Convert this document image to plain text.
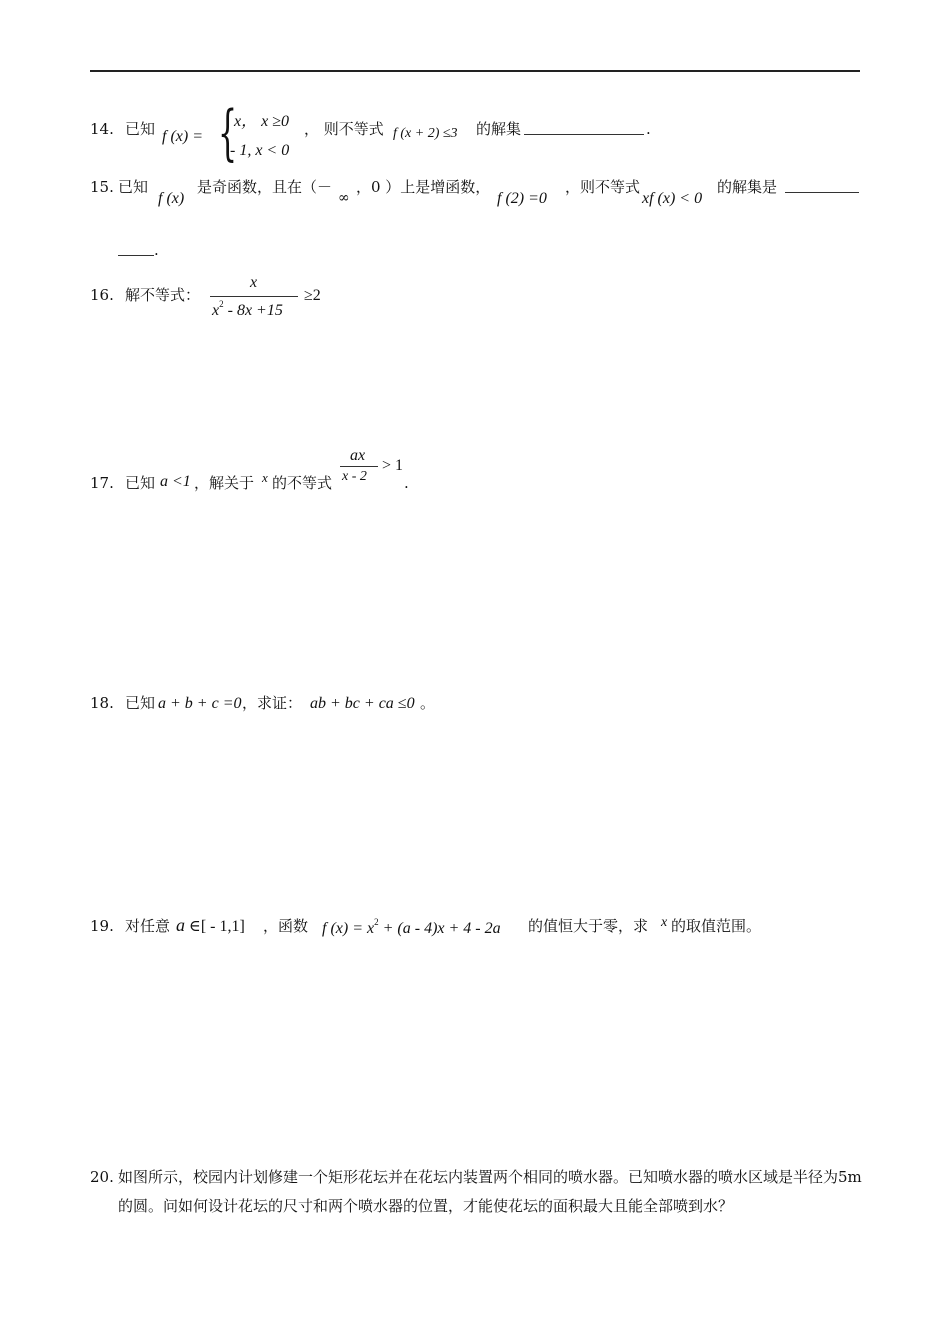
14. 已知 f (x) = {
x， x ≥0
- 1, x < 0
， 则不等式 f (x + 2) ≤3 的解集	.
15. 已知
f (x)
是奇函数，且在（－
∞
，0 ）上是增函数，
f (2) =0
，则不等式
xf (x) < 0
的解集是
.
16. 解不等式：
x
$x^2 - 8x +15$
≥2
17. 已知 a <1 ，解关于 x 的不等式
ax
x - 2
> 1
.
18. 已知 a + b + c =0 ，求证： ab + bc + ca ≤0 。
19. 对任意 a ∈[ - 1,1] ，函数 f $(x) = x^2 + (a - 4)x + 4 - 2a$ 的值恒大于零，求 x 的取值范围。
20. 如图所示，校园内计划修建一个矩形花坛并在花坛内装置两个相同的喷水器。已知喷水器的喷水区域是半径为5m的圆。问如何设计花坛的尺寸和两个喷水器的位置，才能使花坛的面积最大且能全部喷到水？
